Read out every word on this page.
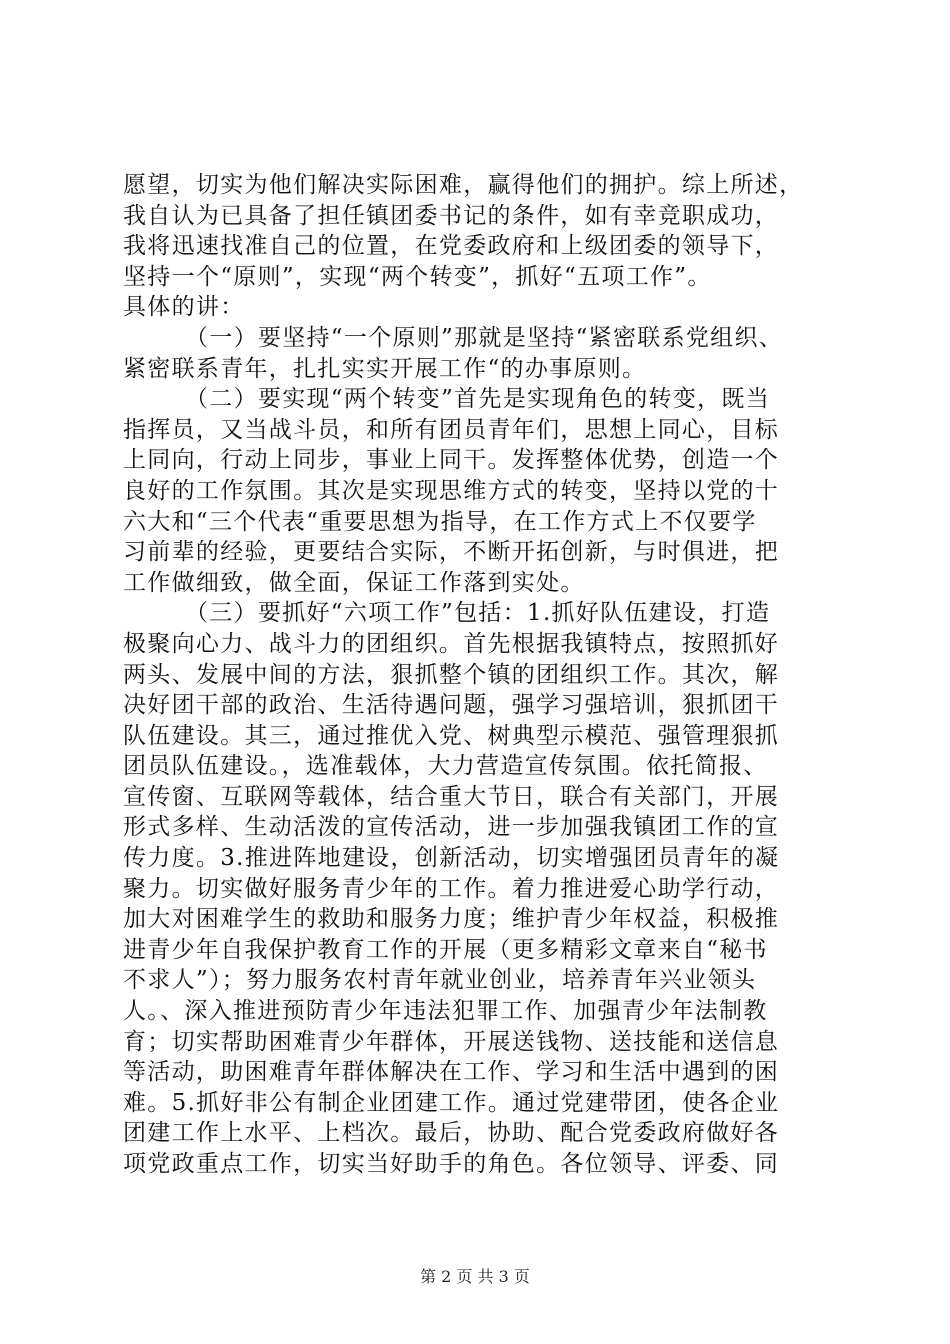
愿望，切实为他们解决实际困难，赢得他们的拥护。综上所述，
我自认为已具备了担任镇团委书记的条件，如有幸竞职成功，
我将迅速找准自己的位置，在党委政府和上级团委的领导下，
坚持一个“原则”，实现“两个转变”，抓好“五项工作”。
具体的讲：
（一）要坚持“一个原则”那就是坚持“紧密联系党组织、
紧密联系青年，扎扎实实开展工作“的办事原则。
（二）要实现“两个转变”首先是实现角色的转变，既当
指挥员，又当战斗员，和所有团员青年们，思想上同心，目标
上同向，行动上同步，事业上同干。发挥整体优势，创造一个
良好的工作氛围。其次是实现思维方式的转变，坚持以党的十
六大和“三个代表“重要思想为指导，在工作方式上不仅要学
习前辈的经验，更要结合实际，不断开拓创新，与时俱进，把
工作做细致，做全面，保证工作落到实处。
（三）要抓好“六项工作”包括：1.抓好队伍建设，打造
极聚向心力、战斗力的团组织。首先根据我镇特点，按照抓好
两头、发展中间的方法，狠抓整个镇的团组织工作。其次，解
决好团干部的政治、生活待遇问题，强学习强培训，狠抓团干
队伍建设。其三，通过推优入党、树典型示模范、强管理狠抓
团员队伍建设。，选准载体，大力营造宣传氛围。依托简报、
宣传窗、互联网等载体，结合重大节日，联合有关部门，开展
形式多样、生动活泼的宣传活动，进一步加强我镇团工作的宣
传力度。3.推进阵地建设，创新活动，切实增强团员青年的凝
聚力。切实做好服务青少年的工作。着力推进爱心助学行动，
加大对困难学生的救助和服务力度；维护青少年权益，积极推
进青少年自我保护教育工作的开展（更多精彩文章来自“秘书
不求人”）；努力服务农村青年就业创业，培养青年兴业领头
人。、深入推进预防青少年违法犯罪工作、加强青少年法制教
育；切实帮助困难青少年群体，开展送钱物、送技能和送信息
等活动，助困难青年群体解决在工作、学习和生活中遇到的困
难。5.抓好非公有制企业团建工作。通过党建带团，使各企业
团建工作上水平、上档次。最后，协助、配合党委政府做好各
项党政重点工作，切实当好助手的角色。各位领导、评委、同
第 2 页 共 3 页
